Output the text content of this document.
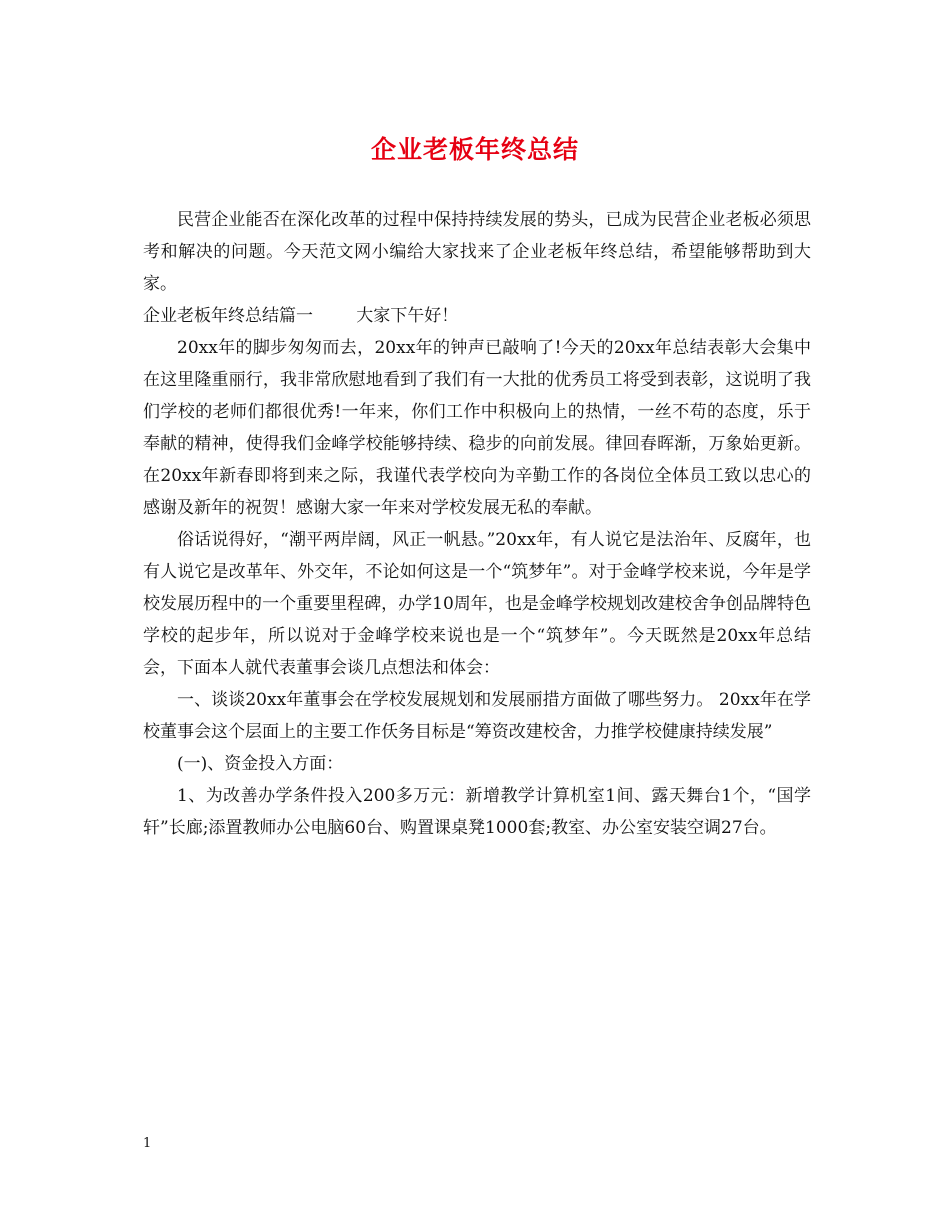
企业老板年终总结

民营企业能否在深化改革的过程中保持持续发展的势头，已成为民营企业老板必须思考和解决的问题。今天范文网小编给大家找来了企业老板年终总结，希望能够帮助到大家。

企业老板年终总结篇一        大家下午好！

20xx年的脚步匆匆而去，20xx年的钟声已敲响了!今天的20xx年总结表彰大会集中在这里隆重丽行，我非常欣慰地看到了我们有一大批的优秀员工将受到表彰，这说明了我们学校的老师们都很优秀!一年来，你们工作中积极向上的热情，一丝不苟的态度，乐于奉献的精神，使得我们金峰学校能够持续、稳步的向前发展。律回春晖渐，万象始更新。在20xx年新春即将到来之际，我谨代表学校向为辛勤工作的各岗位全体员工致以忠心的感谢及新年的祝贺！感谢大家一年来对学校发展无私的奉献。

俗话说得好，“潮平两岸阔，风正一帆悬。”20xx年，有人说它是法治年、反腐年，也有人说它是改革年、外交年，不论如何这是一个“筑梦年”。对于金峰学校来说，今年是学校发展历程中的一个重要里程碑，办学10周年，也是金峰学校规划改建校舍争创品牌特色学校的起步年，所以说对于金峰学校来说也是一个“筑梦年”。今天既然是20xx年总结会，下面本人就代表董事会谈几点想法和体会：

一、谈谈20xx年董事会在学校发展规划和发展丽措方面做了哪些努力。 20xx年在学校董事会这个层面上的主要工作仸务目标是“筹资改建校舍，力推学校健康持续发展”

(一)、资金投入方面：

1、为改善办学条件投入200多万元：新增教学计算机室1间、露天舞台1个，“国学轩”长廊;添置教师办公电脑60台、购置课桌凳1000套;教室、办公室安装空调27台。

1
